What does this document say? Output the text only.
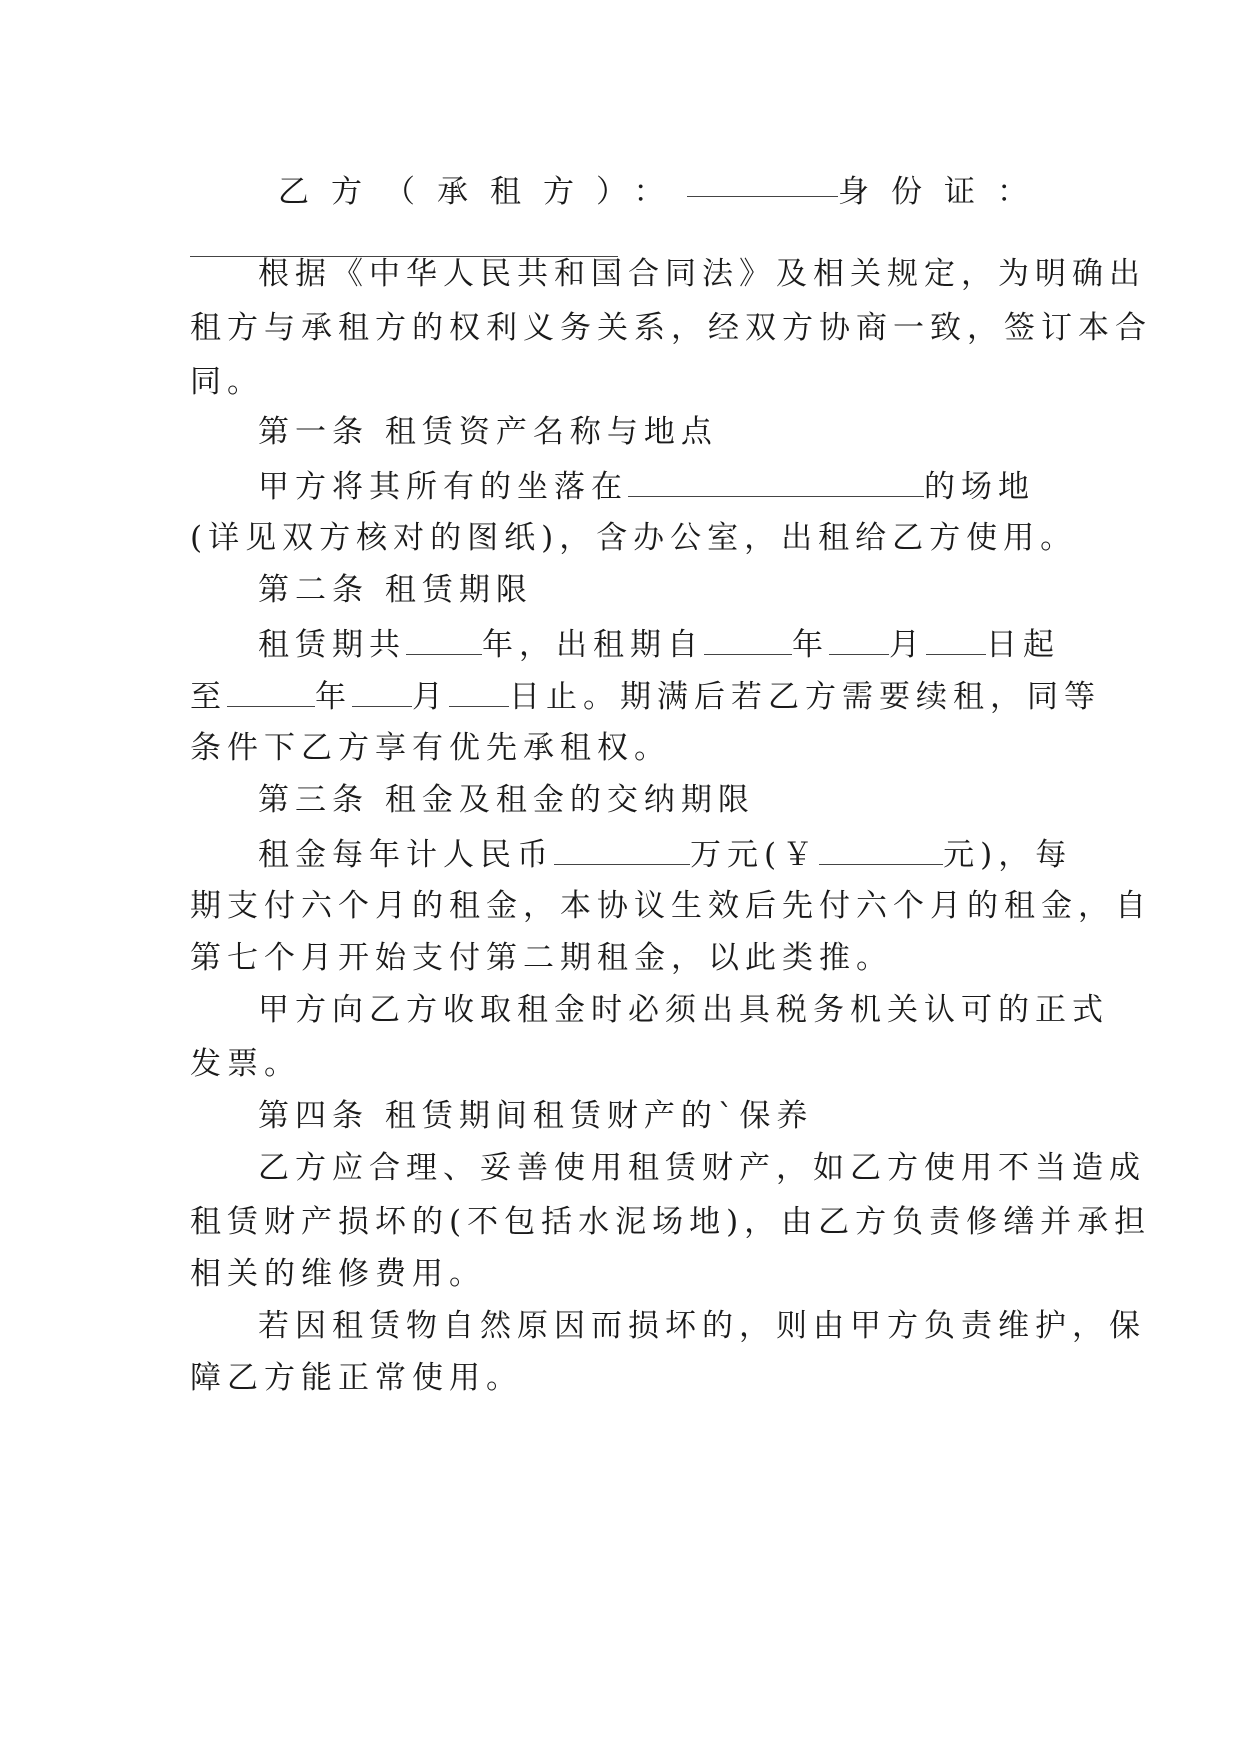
乙方（承租方）：	身份证：
根据《中华人民共和国合同法》及相关规定，为明确出
租方与承租方的权利义务关系，经双方协商一致，签订本合
同。
第一条 租赁资产名称与地点
甲方将其所有的坐落在	的场地
(详见双方核对的图纸)，含办公室，出租给乙方使用。
第二条 租赁期限
租赁期共 年，出租期自	年 月 日起
至	年 月 日止。期满后若乙方需要续租，同等
条件下乙方享有优先承租权。
第三条 租金及租金的交纳期限
租金每年计人民币	万元(￥	元)，每
期支付六个月的租金，本协议生效后先付六个月的租金，自
第七个月开始支付第二期租金，以此类推。
甲方向乙方收取租金时必须出具税务机关认可的正式
发票。
第四条 租赁期间租赁财产的`保养
乙方应合理、妥善使用租赁财产，如乙方使用不当造成
租赁财产损坏的(不包括水泥场地)，由乙方负责修缮并承担
相关的维修费用。
若因租赁物自然原因而损坏的，则由甲方负责维护，保
障乙方能正常使用。
